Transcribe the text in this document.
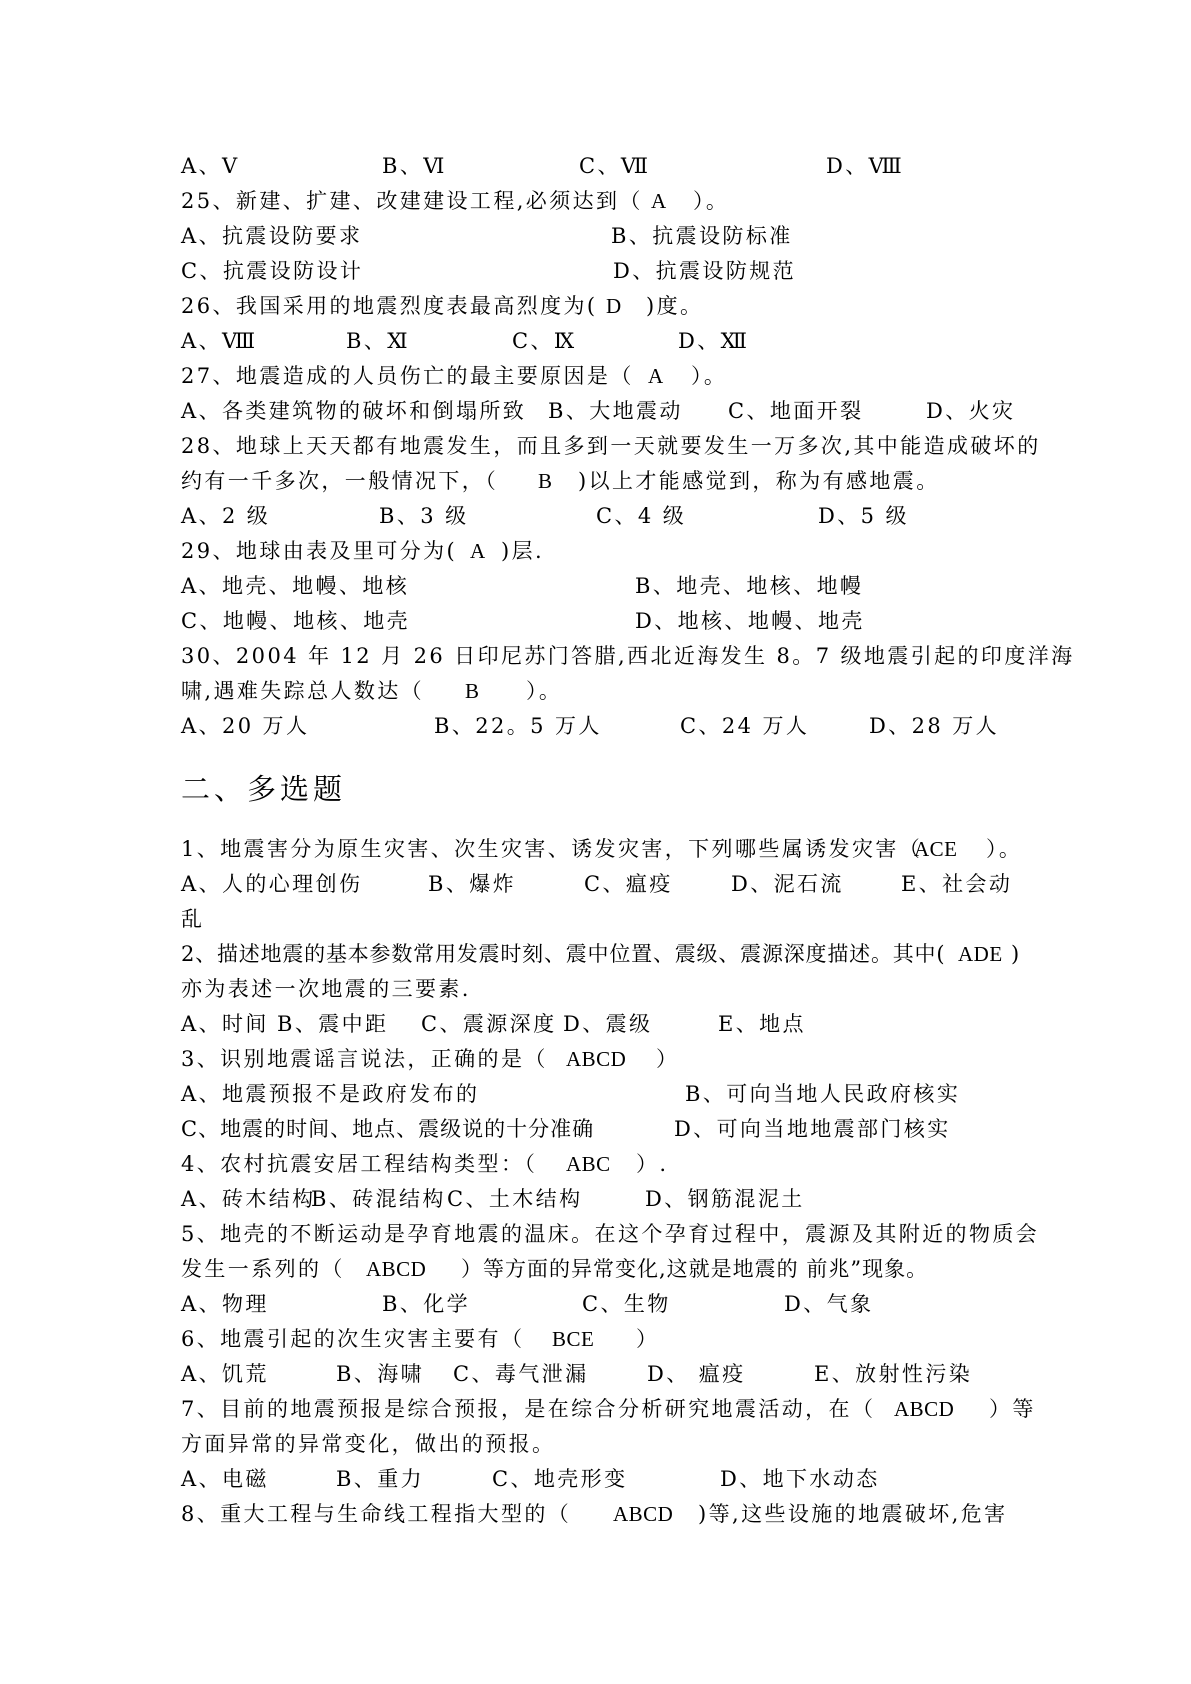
A、Ⅴ	B、Ⅵ	C、Ⅶ	D、Ⅷ
25、新建、扩建、改建建设工程,必须达到（ A ）。
A、抗震设防要求	B、抗震设防标准
C、抗震设防设计	D、抗震设防规范
26、我国采用的地震烈度表最高烈度为( D )度。
A、Ⅷ	B、Ⅺ	C、Ⅸ	D、Ⅻ
27、地震造成的人员伤亡的最主要原因是（ A ）。
A、各类建筑物的破坏和倒塌所致 B、大地震动 C、地面开裂	D、火灾
28、地球上天天都有地震发生，而且多到一天就要发生一万多次,其中能造成破坏的
约有一千多次，一般情况下，（ B )以上才能感觉到，称为有感地震。
A、2 级	B、3 级	C、4 级	D、5 级
29、地球由表及里可分为( A )层.
A、地壳、地幔、地核	B、地壳、地核、地幔
C、地幔、地核、地壳	D、地核、地幔、地壳
30、2004 年 12 月 26 日印尼苏门答腊,西北近海发生 8。7 级地震引起的印度洋海
啸,遇难失踪总人数达（ B ）。
A、20 万人	B、22。5 万人	C、24 万人	D、28 万人
二、多选题
1、地震害分为原生灾害、次生灾害、诱发灾害，下列哪些属诱发灾害（
ACE ）。
A、人的心理创伤	B、爆炸	C、瘟疫	D、泥石流	E、社会动
乱
2、描述地震的基本参数常用发震时刻、震中位置、震级、震源深度描述。其中( ADE )
亦为表述一次地震的三要素.
A、时间 B、震中距 C、震源深度 D、震级	E、地点
3、识别地震谣言说法，正确的是（ ABCD ）
A、地震预报不是政府发布的	B、可向当地人民政府核实
C、地震的时间、地点、震级说的十分准确	D、可向当地地震部门核实
4、农村抗震安居工程结构类型：（ ABC ）.
A、砖木结构
B、砖混结构 C、土木结构	D、钢筋混泥土
5、地壳的不断运动是孕育地震的温床。在这个孕育过程中，震源及其附近的物质会
发生一系列的（ ABCD ）等方面的异常变化,这就是地震的 前兆”现象。
A、物理	B、化学	C、生物	D、气象
6、地震引起的次生灾害主要有（ BCE ）
A、饥荒	B、海啸 C、毒气泄漏	D、 瘟疫	E、放射性污染
7、目前的地震预报是综合预报，是在综合分析研究地震活动，在（ ABCD ）等
方面异常的异常变化，做出的预报。
A、电磁	B、重力	C、地壳形变	D、地下水动态
8、重大工程与生命线工程指大型的（ ABCD )等,这些设施的地震破坏,危害
